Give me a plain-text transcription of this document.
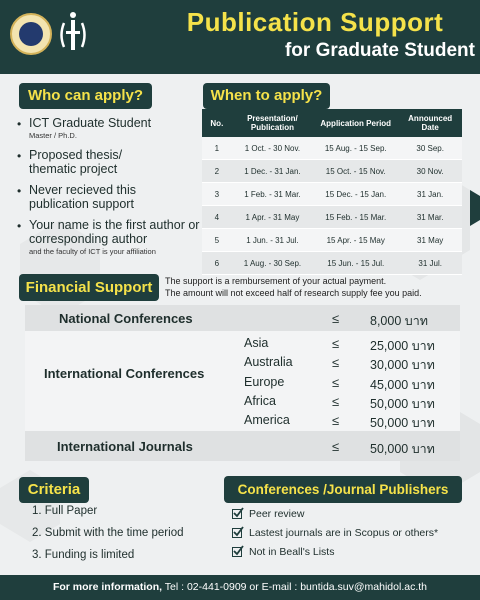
Publication Support
for Graduate Student
Who can apply?
• ICT Graduate Student
Master / Ph.D.
• Proposed thesis/ thematic project
• Never recieved this publication support
• Your name is the first author or corresponding author
and the faculty of ICT is your affiliation
When to apply?
No.	Presentation/ Publication	Application Period	Announced Date
1	1 Oct. - 30 Nov.	15 Aug. - 15 Sep.	30 Sep.
2	1 Dec. - 31 Jan.	15 Oct. - 15 Nov.	30 Nov.
3	1 Feb. - 31 Mar.	15 Dec. - 15 Jan.	31 Jan.
4	1 Apr. - 31 May	15 Feb. - 15 Mar.	31 Mar.
5	1 Jun. - 31 Jul.	15 Apr. - 15 May	31 May
6	1 Aug. - 30 Sep.	15 Jun. - 15 Jul.	31 Jul.
Financial Support	The support is a rembursement of your actual payment.
The amount will not exceed half of research supply fee you paid.
National Conferences	≤ 8,000 บาท
International Conferences
Asia	≤ 25,000 บาท
Australia	≤ 30,000 บาท
Europe	≤ 45,000 บาท
Africa	≤ 50,000 บาท
America	≤ 50,000 บาท
International Journals	≤ 50,000 บาท
Criteria
1. Full Paper
2. Submit with the time period
3. Funding is limited
Conferences /Journal Publishers
Peer review
Lastest journals are in Scopus or others*
Not in Beall's Lists
For more information, Tel : 02-441-0909 or E-mail : buntida.suv@mahidol.ac.th
